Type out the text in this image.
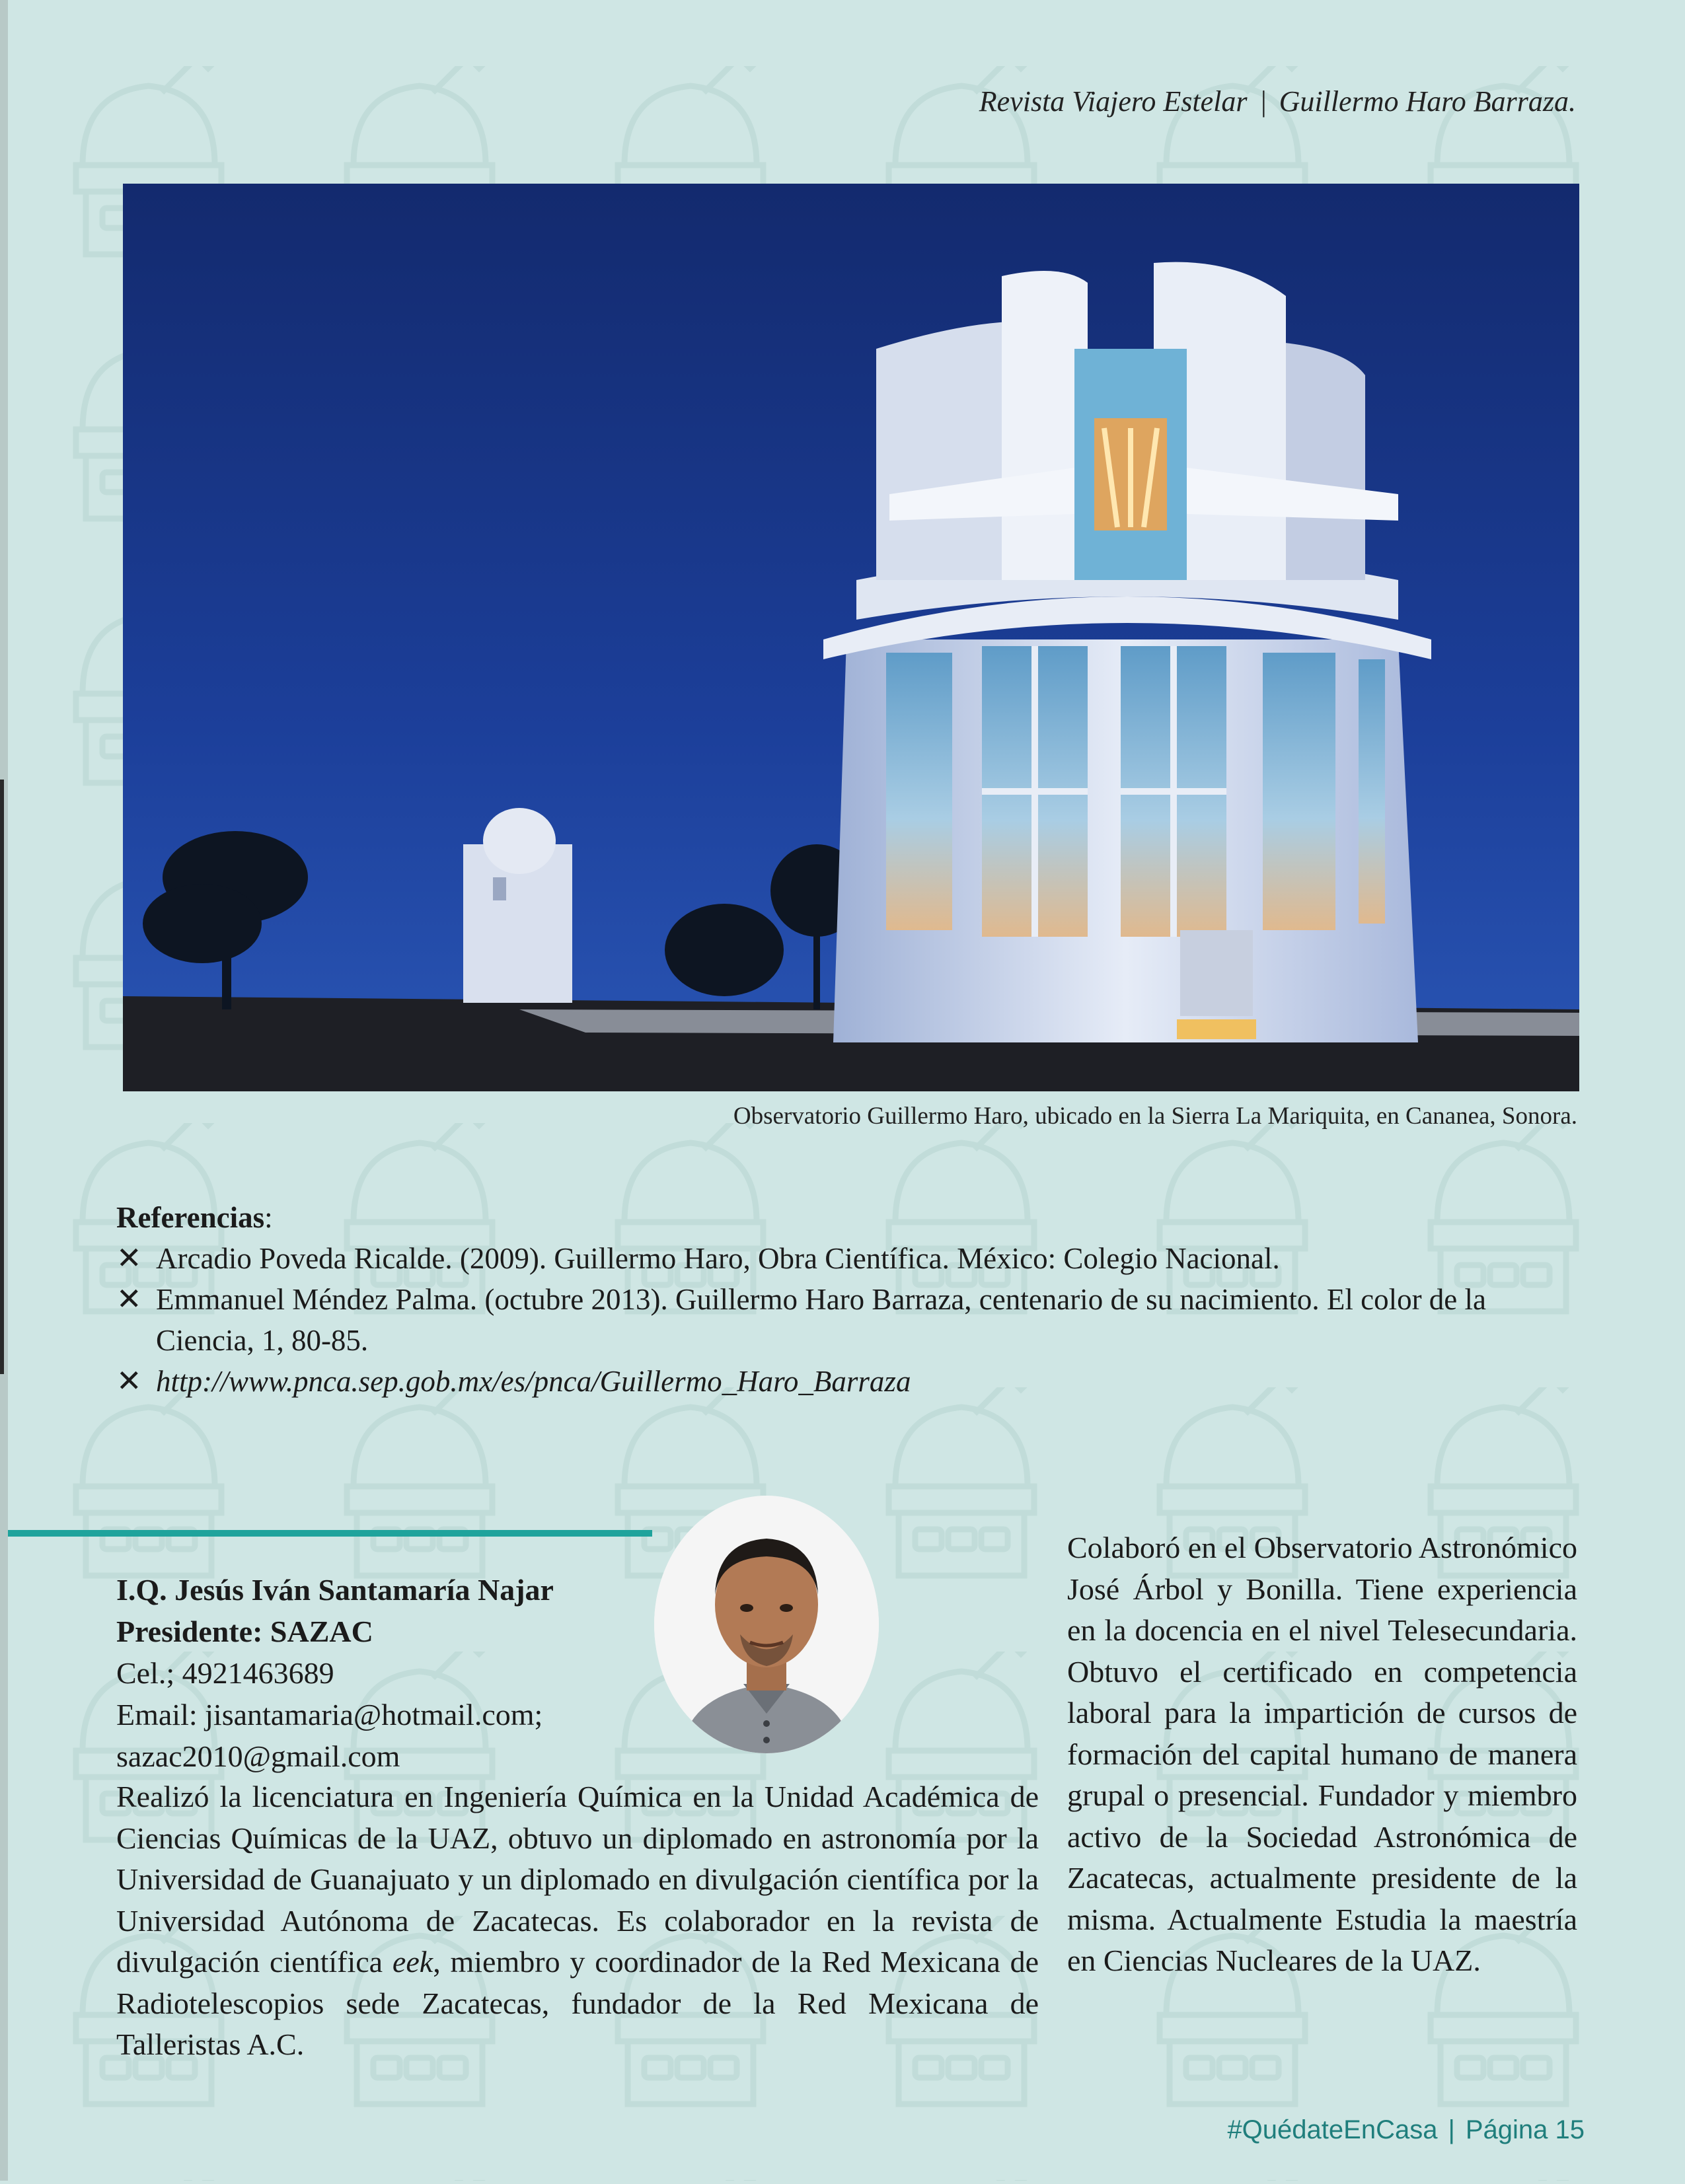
Revista Viajero Estelar | Guillermo Haro Barraza.
Observatorio Guillermo Haro, ubicado en la Sierra La Mariquita, en Cananea, Sonora.
Referencias:
✕ Arcadio Poveda Ricalde. (2009). Guillermo Haro, Obra Científica. México: Colegio Nacional.
✕ Emmanuel Méndez Palma. (octubre 2013). Guillermo Haro Barraza, centenario de su nacimiento. El color de la Ciencia, 1, 80-85.
✕ http://www.pnca.sep.gob.mx/es/pnca/Guillermo_Haro_Barraza
I.Q. Jesús Iván Santamaría Najar
Presidente: SAZAC
Cel.; 4921463689
Email: jisantamaria@hotmail.com;
sazac2010@gmail.com
Realizó la licenciatura en Ingeniería Química en la Unidad Académica de Ciencias Químicas de la UAZ, obtuvo un diplomado en astronomía por la Universidad de Guanajuato y un diplomado en divulgación científica por la Universidad Autónoma de Zacatecas. Es colaborador en la revista de divulgación científica eek, miembro y coordinador de la Red Mexicana de Radiotelescopios sede Zacatecas, fundador de la Red Mexicana de Talleristas A.C.
Colaboró en el Observatorio Astronómico José Árbol y Bonilla. Tiene experiencia en la docencia en el nivel Telesecundaria. Obtuvo el certificado en competencia laboral para la impartición de cursos de formación del capital humano de manera grupal o presencial. Fundador y miembro activo de la Sociedad Astronómica de Zacatecas, actualmente presidente de la misma. Actualmente Estudia la maestría en Ciencias Nucleares de la UAZ.
#QuédateEnCasa | Página 15
